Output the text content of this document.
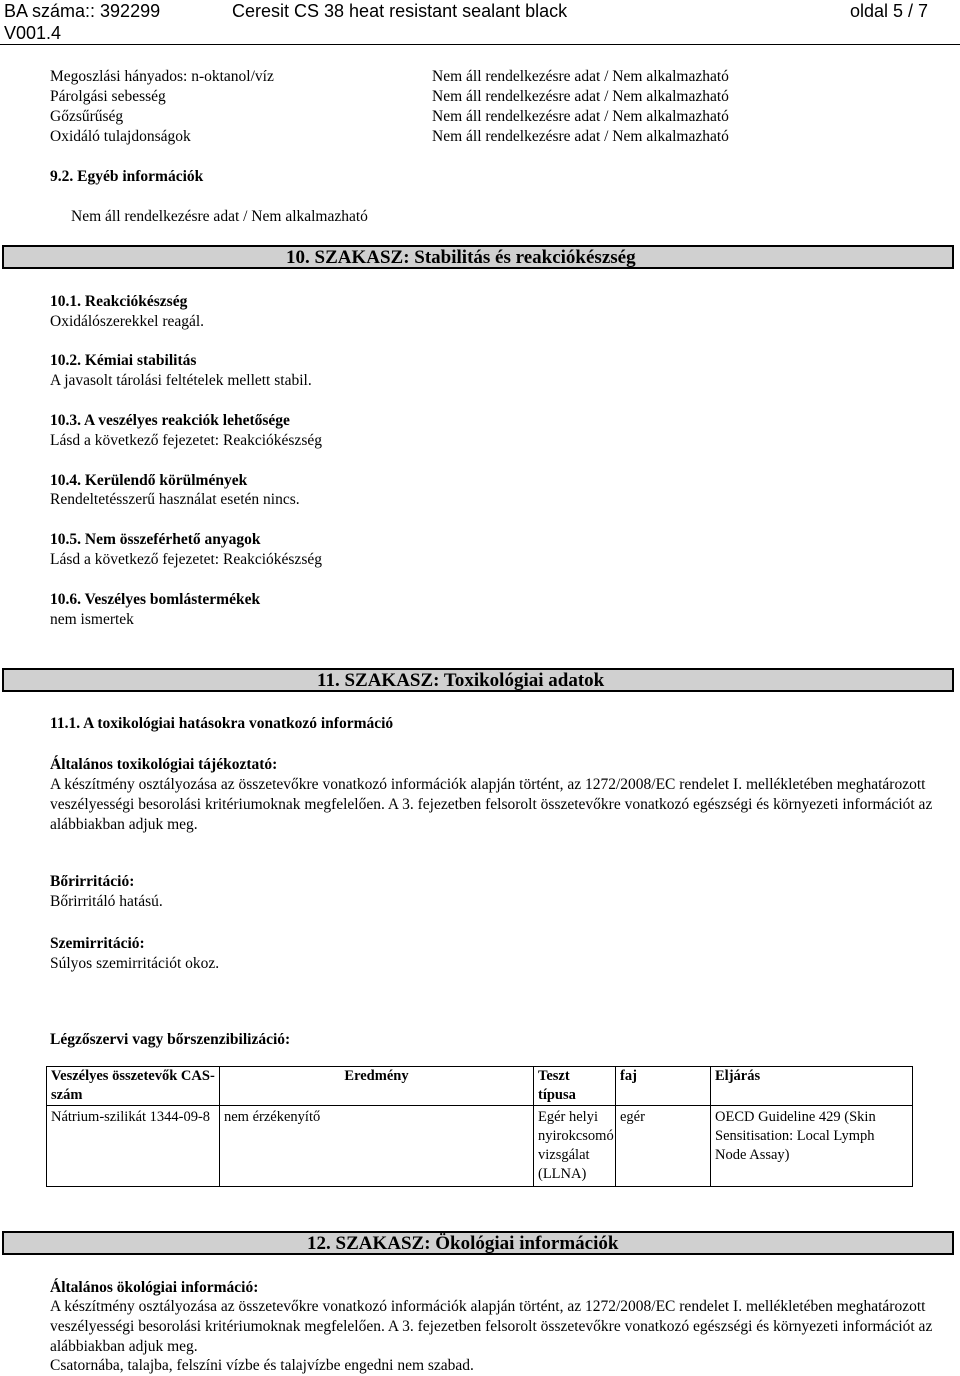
BA száma:: 392299
V001.4
Ceresit CS 38 heat resistant sealant black	oldal 5 / 7
Megoszlási hányados: n-oktanol/víz	Nem áll rendelkezésre adat / Nem alkalmazható
Párolgási sebesség	Nem áll rendelkezésre adat / Nem alkalmazható
Gőzsűrűség	Nem áll rendelkezésre adat / Nem alkalmazható
Oxidáló tulajdonságok	Nem áll rendelkezésre adat / Nem alkalmazható
9.2. Egyéb információk
Nem áll rendelkezésre adat / Nem alkalmazható
10. SZAKASZ: Stabilitás és reakciókészség
10.1. Reakciókészség
Oxidálószerekkel reagál.
10.2. Kémiai stabilitás
A javasolt tárolási feltételek mellett stabil.
10.3. A veszélyes reakciók lehetősége
Lásd a következő fejezetet: Reakciókészség
10.4. Kerülendő körülmények
Rendeltetésszerű használat esetén nincs.
10.5. Nem összeférhető anyagok
Lásd a következő fejezetet: Reakciókészség
10.6. Veszélyes bomlástermékek
nem ismertek
11. SZAKASZ: Toxikológiai adatok
11.1. A toxikológiai hatásokra vonatkozó információ
Általános toxikológiai tájékoztató:
A készítmény osztályozása az összetevőkre vonatkozó információk alapján történt, az 1272/2008/EC rendelet I. mellékletében meghatározott veszélyességi besorolási kritériumoknak megfelelően. A 3. fejezetben felsorolt összetevőkre vonatkozó egészségi és környezeti információt az alábbiakban adjuk meg.
Bőrirritáció:
Bőrirritáló hatású.
Szemirritáció:
Súlyos szemirritációt okoz.
Légzőszervi vagy bőrszenzibilizáció:
Veszélyes összetevők CAS-szám	Eredmény	Teszt típusa	faj	Eljárás
Nátrium-szilikát 1344-09-8	nem érzékenyítő	Egér helyi nyirokcsomó vizsgálat (LLNA)	egér	OECD Guideline 429 (Skin Sensitisation: Local Lymph Node Assay)
12. SZAKASZ: Ökológiai információk
Általános ökológiai információ:
A készítmény osztályozása az összetevőkre vonatkozó információk alapján történt, az 1272/2008/EC rendelet I. mellékletében meghatározott veszélyességi besorolási kritériumoknak megfelelően. A 3. fejezetben felsorolt összetevőkre vonatkozó egészségi és környezeti információt az alábbiakban adjuk meg.
Csatornába, talajba, felszíni vízbe és talajvízbe engedni nem szabad.
